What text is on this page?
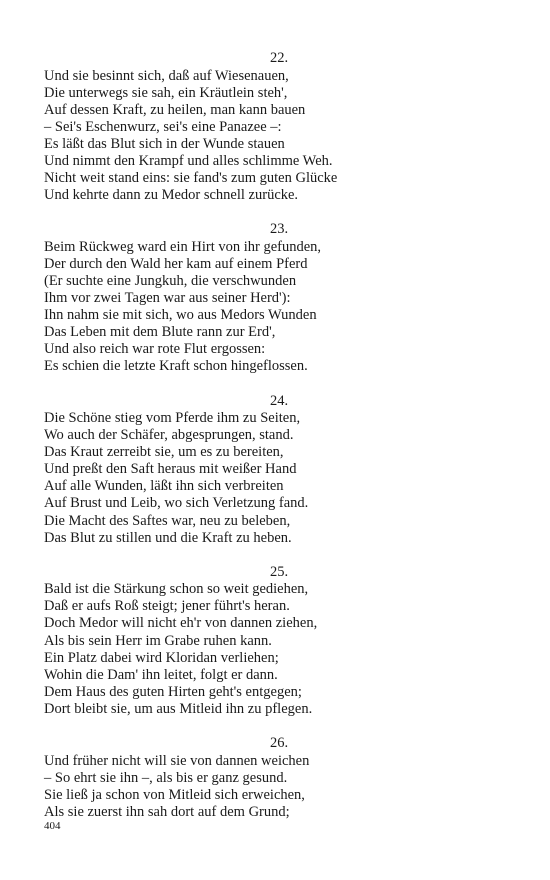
22.
Und sie besinnt sich, daß auf Wiesenauen,
Die unterwegs sie sah, ein Kräutlein steh',
Auf dessen Kraft, zu heilen, man kann bauen
– Sei's Eschenwurz, sei's eine Panazee –:
Es läßt das Blut sich in der Wunde stauen
Und nimmt den Krampf und alles schlimme Weh.
Nicht weit stand eins: sie fand's zum guten Glücke
Und kehrte dann zu Medor schnell zurücke.
23.
Beim Rückweg ward ein Hirt von ihr gefunden,
Der durch den Wald her kam auf einem Pferd
(Er suchte eine Jungkuh, die verschwunden
Ihm vor zwei Tagen war aus seiner Herd'):
Ihn nahm sie mit sich, wo aus Medors Wunden
Das Leben mit dem Blute rann zur Erd',
Und also reich war rote Flut ergossen:
Es schien die letzte Kraft schon hingeflossen.
24.
Die Schöne stieg vom Pferde ihm zu Seiten,
Wo auch der Schäfer, abgesprungen, stand.
Das Kraut zerreibt sie, um es zu bereiten,
Und preßt den Saft heraus mit weißer Hand
Auf alle Wunden, läßt ihn sich verbreiten
Auf Brust und Leib, wo sich Verletzung fand.
Die Macht des Saftes war, neu zu beleben,
Das Blut zu stillen und die Kraft zu heben.
25.
Bald ist die Stärkung schon so weit gediehen,
Daß er aufs Roß steigt; jener führt's heran.
Doch Medor will nicht eh'r von dannen ziehen,
Als bis sein Herr im Grabe ruhen kann.
Ein Platz dabei wird Kloridan verliehen;
Wohin die Dam' ihn leitet, folgt er dann.
Dem Haus des guten Hirten geht's entgegen;
Dort bleibt sie, um aus Mitleid ihn zu pflegen.
26.
Und früher nicht will sie von dannen weichen
– So ehrt sie ihn –, als bis er ganz gesund.
Sie ließ ja schon von Mitleid sich erweichen,
Als sie zuerst ihn sah dort auf dem Grund;
404
